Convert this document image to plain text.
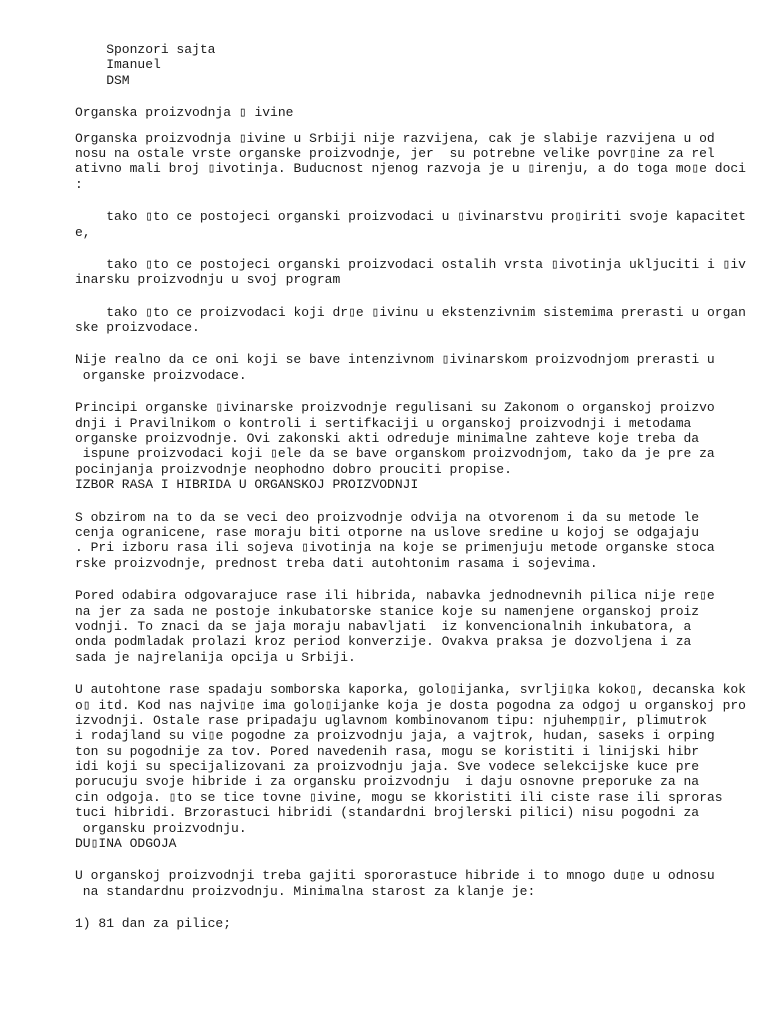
Sponzori sajta
Imanuel
DSM
Organska proizvodnja ▯ ivine
Organska proizvodnja ▯ivine u Srbiji nije razvijena, cak je slabije razvijena u od
nosu na ostale vrste organske proizvodnje, jer  su potrebne velike povr▯ine za rel
ativno mali broj ▯ivotinja. Buducnost njenog razvoja je u ▯irenju, a do toga mo▯e doci
:
tako ▯to ce postojeci organski proizvodaci u ▯ivinarstvu pro▯iriti svoje kapacitet
e,
tako ▯to ce postojeci organski proizvodaci ostalih vrsta ▯ivotinja ukljuciti i ▯iv
inarsku proizvodnju u svoj program
tako ▯to ce proizvodaci koji dr▯e ▯ivinu u ekstenzivnim sistemima prerasti u organ
ske proizvodace.
Nije realno da ce oni koji se bave intenzivnom ▯ivinarskom proizvodnjom prerasti u
organske proizvodace.
Principi organske ▯ivinarske proizvodnje regulisani su Zakonom o organskoj proizvo
dnji i Pravilnikom o kontroli i sertifkaciji u organskoj proizvodnji i metodama
organske proizvodnje. Ovi zakonski akti odreduje minimalne zahteve koje treba da
ispune proizvodaci koji ▯ele da se bave organskom proizvodnjom, tako da je pre za
pocinjanja proizvodnje neophodno dobro prouciti propise.
IZBOR RASA I HIBRIDA U ORGANSKOJ PROIZVODNJI
S obzirom na to da se veci deo proizvodnje odvija na otvorenom i da su metode le
cenja ogranicene, rase moraju biti otporne na uslove sredine u kojoj se odgajaju
. Pri izboru rasa ili sojeva ▯ivotinja na koje se primenjuju metode organske stoca
rske proizvodnje, prednost treba dati autohtonim rasama i sojevima.
Pored odabira odgovarajuce rase ili hibrida, nabavka jednodnevnih pilica nije re▯e
na jer za sada ne postoje inkubatorske stanice koje su namenjene organskoj proiz
vodnji. To znaci da se jaja moraju nabavljati  iz konvencionalnih inkubatora, a
onda podmladak prolazi kroz period konverzije. Ovakva praksa je dozvoljena i za
sada je najrelanija opcija u Srbiji.
U autohtone rase spadaju somborska kaporka, golo▯ijanka, svrlji▯ka koko▯, decanska kok
o▯ itd. Kod nas najvi▯e ima golo▯ijanke koja je dosta pogodna za odgoj u organskoj pro
izvodnji. Ostale rase pripadaju uglavnom kombinovanom tipu: njuhemp▯ir, plimutrok
i rodajland su vi▯e pogodne za proizvodnju jaja, a vajtrok, hudan, saseks i orping
ton su pogodnije za tov. Pored navedenih rasa, mogu se koristiti i linijski hibr
idi koji su specijalizovani za proizvodnju jaja. Sve vodece selekcijske kuce pre
porucuju svoje hibride i za organsku proizvodnju  i daju osnovne preporuke za na
cin odgoja. ▯to se tice tovne ▯ivine, mogu se kkoristiti ili ciste rase ili sproras
tuci hibridi. Brzorastuci hibridi (standardni brojlerski pilici) nisu pogodni za
organsku proizvodnju.
DU▯INA ODGOJA
U organskoj proizvodnji treba gajiti spororastuce hibride i to mnogo du▯e u odnosu
na standardnu proizvodnju. Minimalna starost za klanje je:
1) 81 dan za pilice;
